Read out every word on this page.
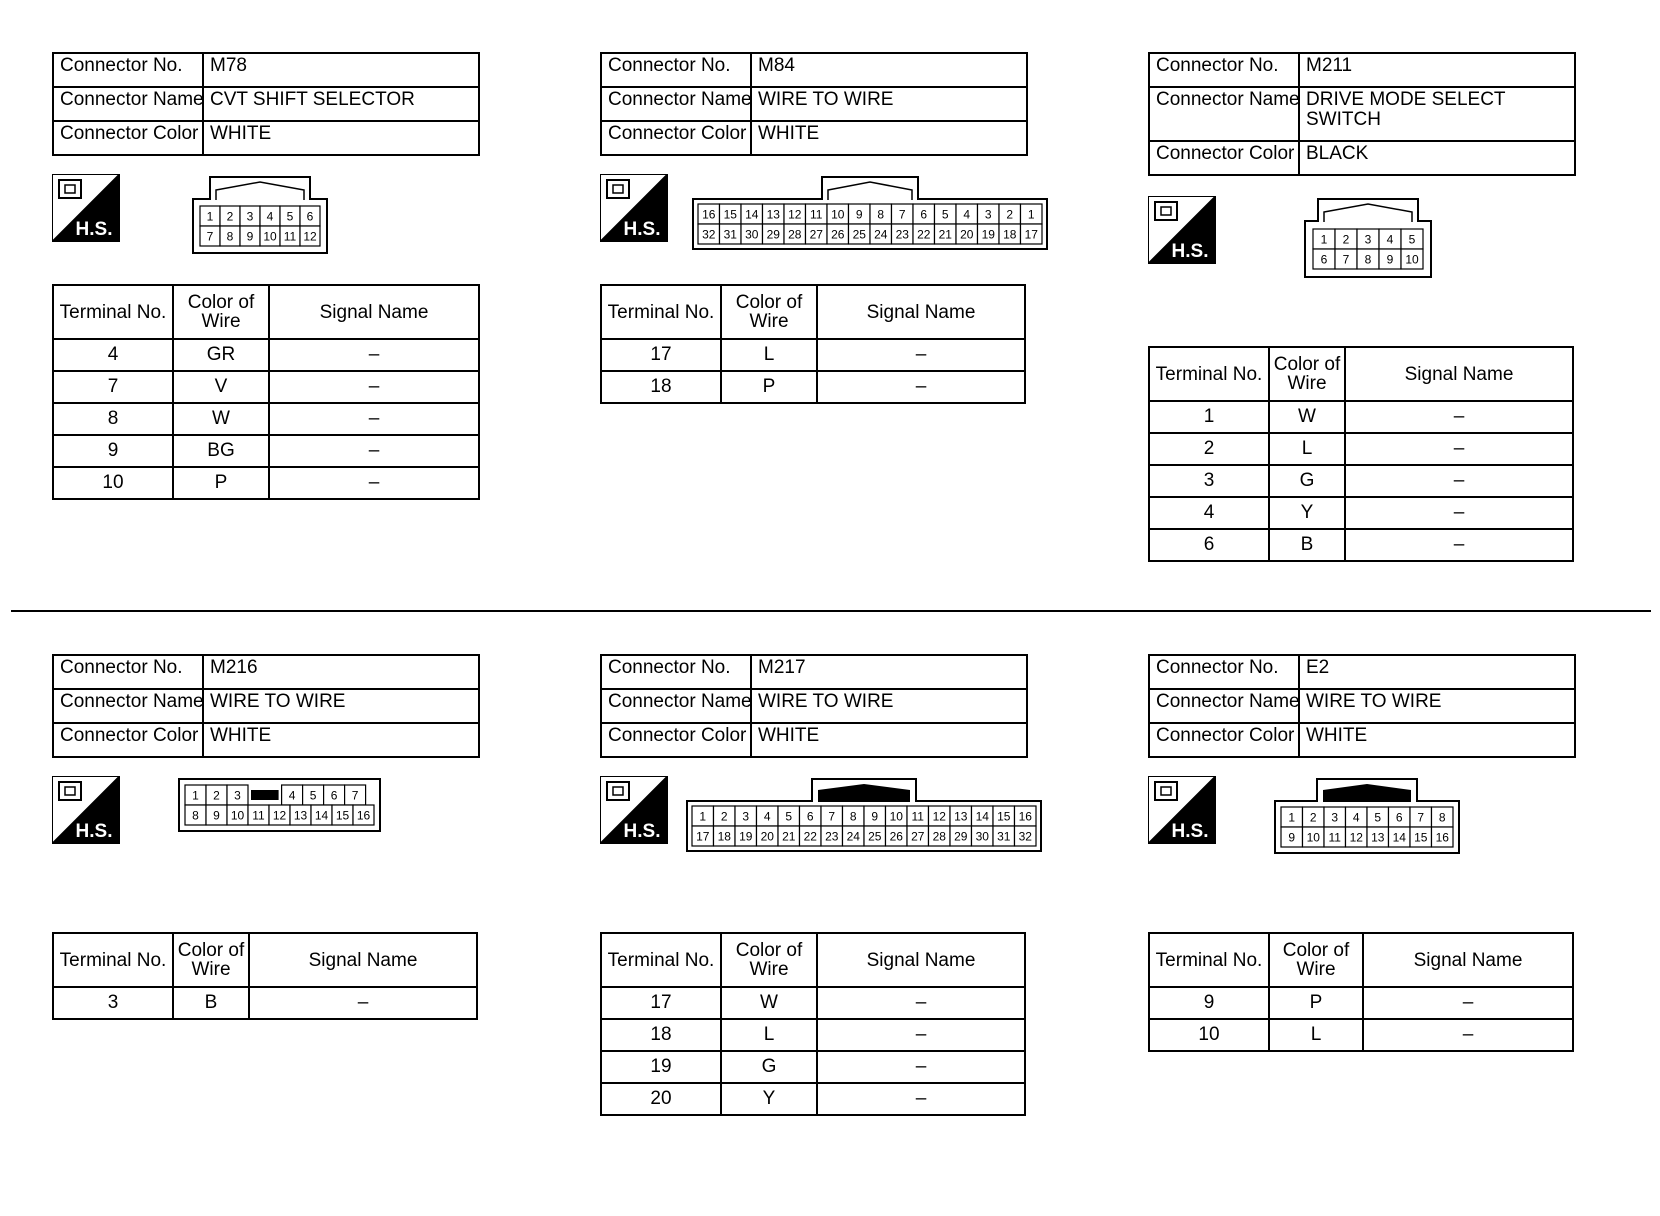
Connector No.	M78
Connector Name	CVT SHIFT SELECTOR
Connector Color	WHITE
H.S.
1 2 3 4 5 6
7 8 9 10 11 12
Terminal No.	Color of Wire	Signal Name
4	GR	–
7	V	–
8	W	–
9	BG	–
10	P	–
Connector No.	M84
Connector Name	WIRE TO WIRE
Connector Color	WHITE
H.S.
16 15 14 13 12 11 10 9 8 7 6 5 4 3 2 1
32 31 30 29 28 27 26 25 24 23 22 21 20 19 18 17
Terminal No.	Color of Wire	Signal Name
17	L	–
18	P	–
Connector No.	M211
Connector Name	DRIVE MODE SELECT SWITCH
Connector Color	BLACK
H.S.
1 2 3 4 5
6 7 8 9 10
Terminal No.	Color of Wire	Signal Name
1	W	–
2	L	–
3	G	–
4	Y	–
6	B	–
Connector No.	M216
Connector Name	WIRE TO WIRE
Connector Color	WHITE
H.S.
1 2 3	4 5 6 7
8 9 10 11 12 13 14 15 16
Terminal No.	Color of Wire	Signal Name
3	B	–
Connector No.	M217
Connector Name	WIRE TO WIRE
Connector Color	WHITE
H.S.
1 2 3 4 5 6 7 8 9 10 11 12 13 14 15 16
17 18 19 20 21 22 23 24 25 26 27 28 29 30 31 32
Terminal No.	Color of Wire	Signal Name
17	W	–
18	L	–
19	G	–
20	Y	–
Connector No.	E2
Connector Name	WIRE TO WIRE
Connector Color	WHITE
H.S.
1 2 3 4 5 6 7 8
9 10 11 12 13 14 15 16
Terminal No.	Color of Wire	Signal Name
9	P	–
10	L	–
